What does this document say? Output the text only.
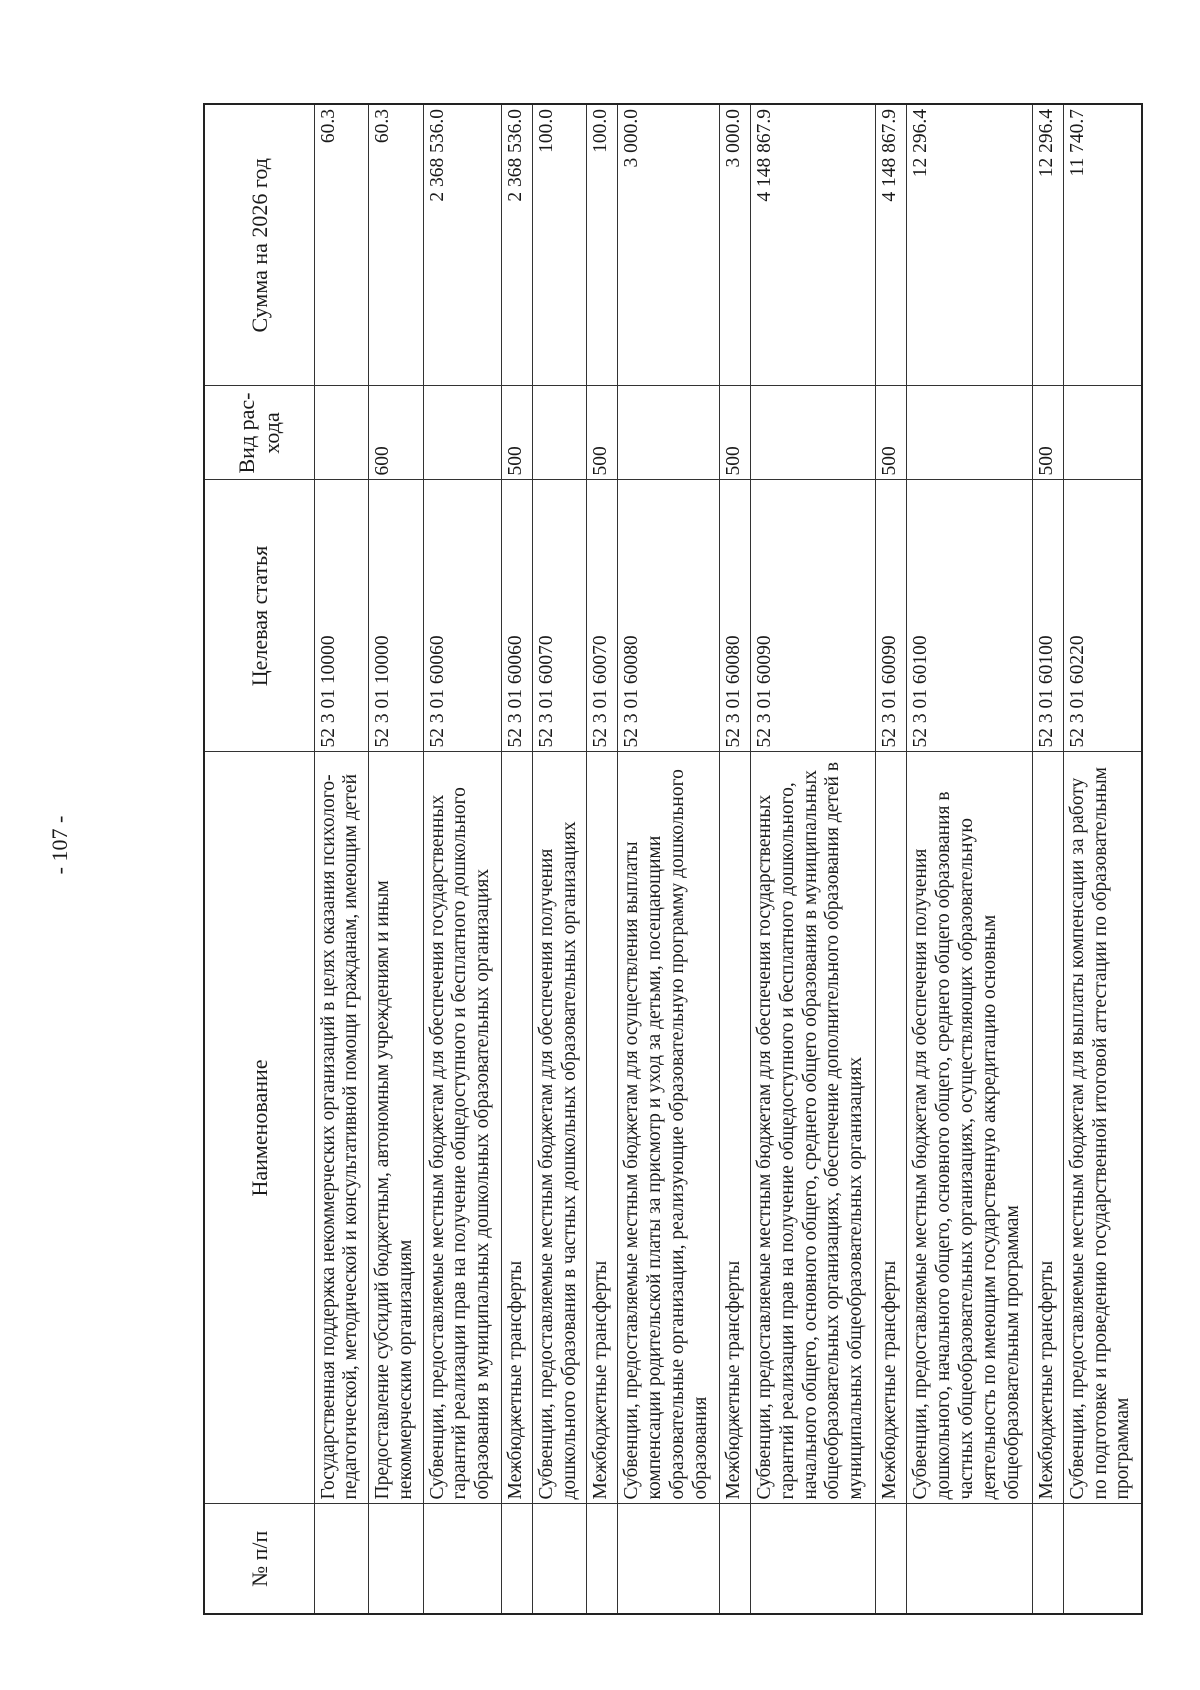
- 107 -
№ п/п	Наименование	Целевая статья	Вид рас- хода	Сумма на 2026 год
	Государственная поддержка некоммерческих организаций в целях оказания психолого-педагогической, методической и консультативной помощи гражданам, имеющим детей	52 3 01 10000		60.3
	Предоставление субсидий бюджетным, автономным учреждениям и иным некоммерческим организациям	52 3 01 10000	600	60.3
	Субвенции, предоставляемые местным бюджетам для обеспечения государственных гарантий реализации прав на получение общедоступного и бесплатного дошкольного образования в муниципальных дошкольных образовательных организациях	52 3 01 60060		2 368 536.0
	Межбюджетные трансферты	52 3 01 60060	500	2 368 536.0
	Субвенции, предоставляемые местным бюджетам для обеспечения получения дошкольного образования в частных дошкольных образовательных организациях	52 3 01 60070		100.0
	Межбюджетные трансферты	52 3 01 60070	500	100.0
	Субвенции, предоставляемые местным бюджетам для осуществления выплаты компенсации родительской платы за присмотр и уход за детьми, посещающими образовательные организации, реализующие образовательную программу дошкольного образования	52 3 01 60080		3 000.0
	Межбюджетные трансферты	52 3 01 60080	500	3 000.0
	Субвенции, предоставляемые местным бюджетам для обеспечения государственных гарантий реализации прав на получение общедоступного и бесплатного дошкольного, начального общего, основного общего, среднего общего образования в муниципальных общеобразовательных организациях, обеспечение дополнительного образования детей в муниципальных общеобразовательных организациях	52 3 01 60090		4 148 867.9
	Межбюджетные трансферты	52 3 01 60090	500	4 148 867.9
	Субвенции, предоставляемые местным бюджетам для обеспечения получения дошкольного, начального общего, основного общего, среднего общего образования в частных общеобразовательных организациях, осуществляющих образовательную деятельность по имеющим государственную аккредитацию основным общеобразовательным программам	52 3 01 60100		12 296.4
	Межбюджетные трансферты	52 3 01 60100	500	12 296.4
	Субвенции, предоставляемые местным бюджетам для выплаты компенсации за работу по подготовке и проведению государственной итоговой аттестации по образовательным программам	52 3 01 60220		11 740.7
